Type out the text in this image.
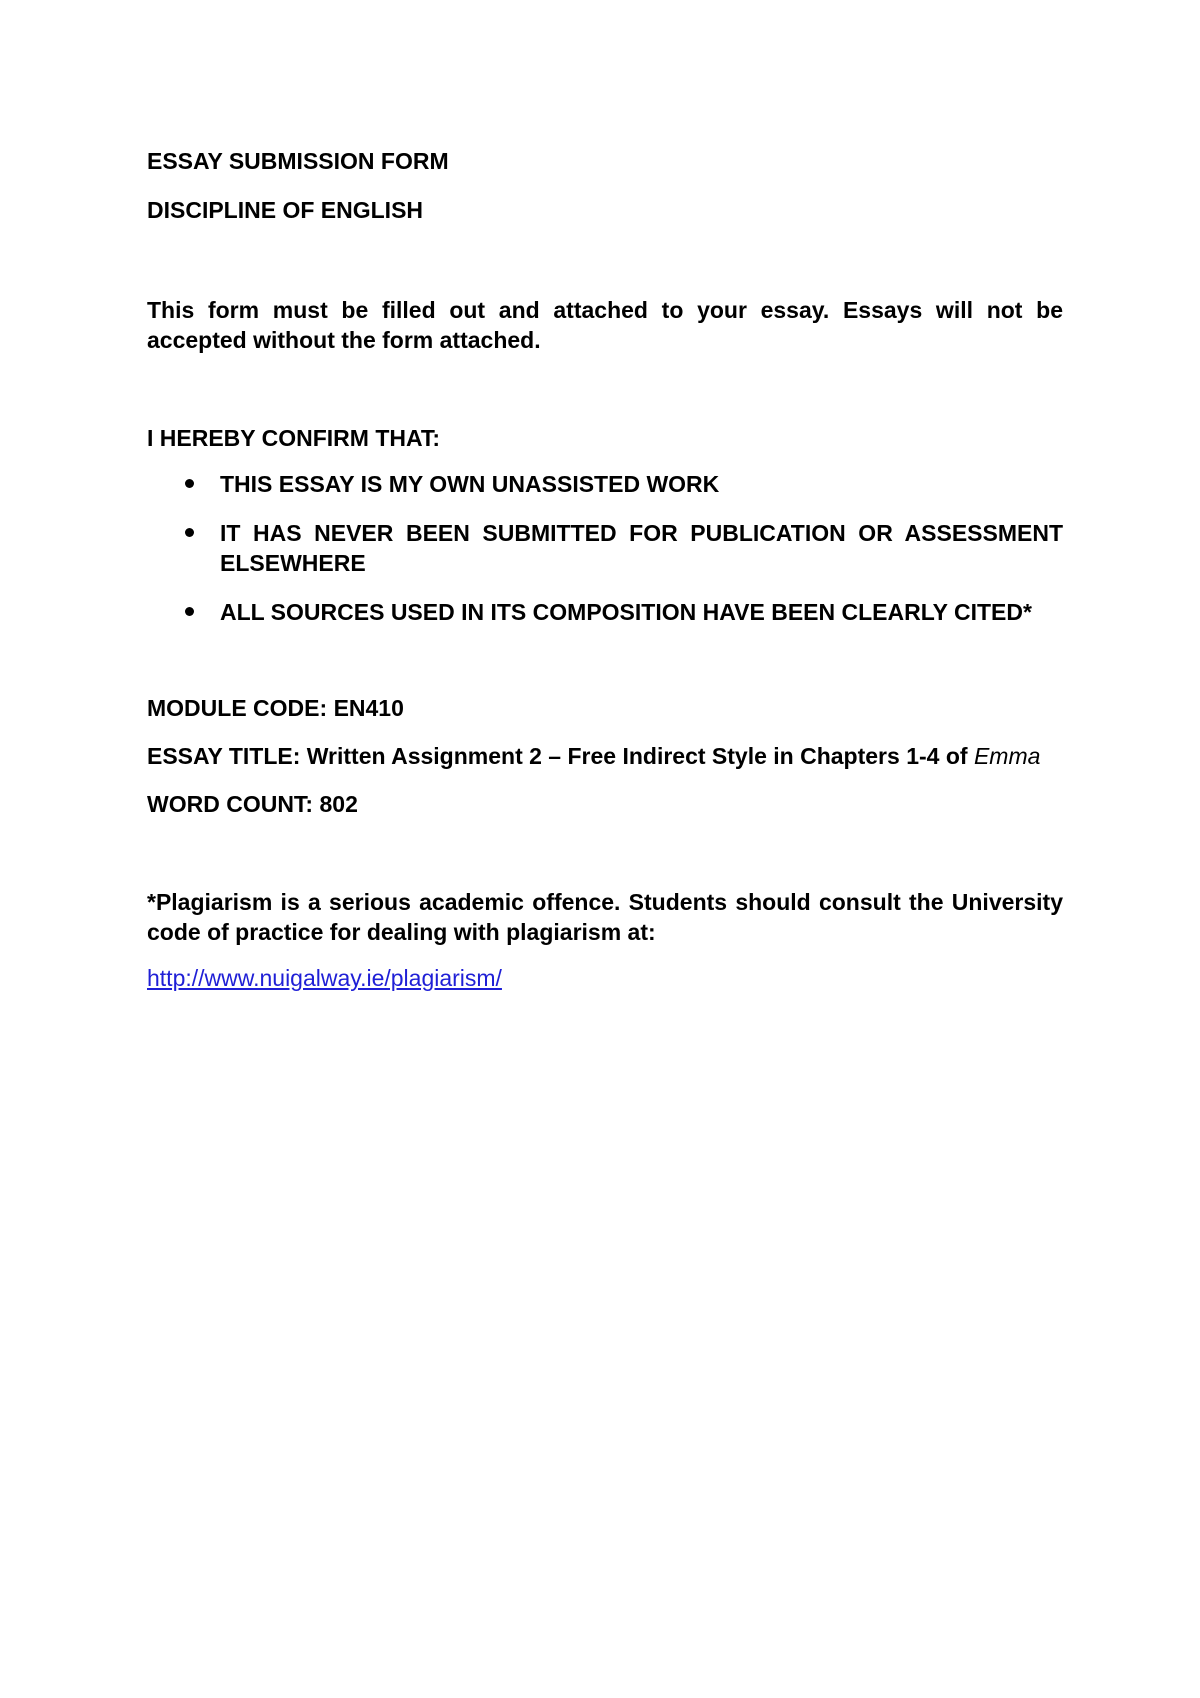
ESSAY SUBMISSION FORM

DISCIPLINE OF ENGLISH

This form must be filled out and attached to your essay. Essays will not be accepted without the form attached.

I HEREBY CONFIRM THAT:

THIS ESSAY IS MY OWN UNASSISTED WORK
IT HAS NEVER BEEN SUBMITTED FOR PUBLICATION OR ASSESSMENT ELSEWHERE
ALL SOURCES USED IN ITS COMPOSITION HAVE BEEN CLEARLY CITED*

MODULE CODE: EN410

ESSAY TITLE: Written Assignment 2 – Free Indirect Style in Chapters 1-4 of Emma

WORD COUNT: 802

*Plagiarism is a serious academic offence. Students should consult the University code of practice for dealing with plagiarism at:

http://www.nuigalway.ie/plagiarism/
